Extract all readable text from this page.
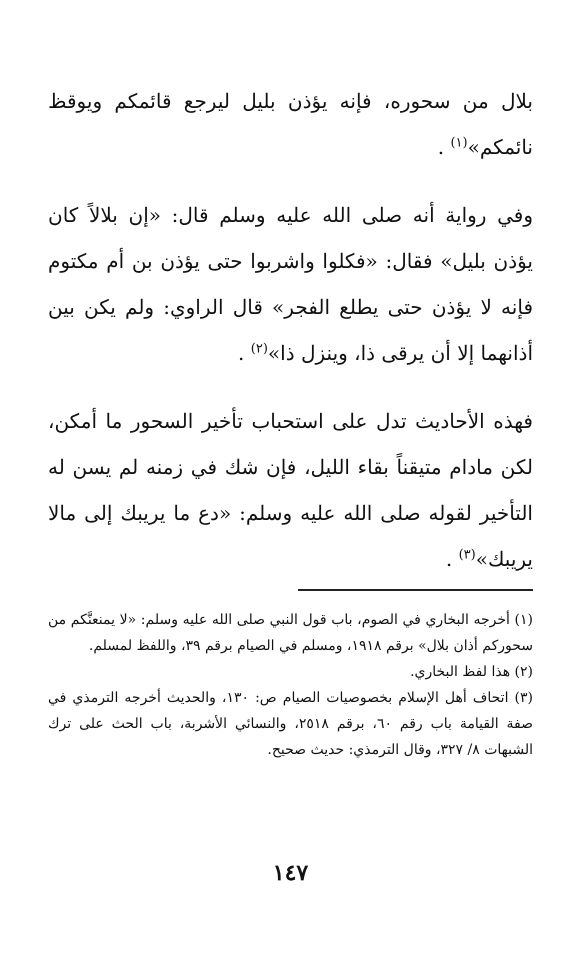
بلال من سحوره، فإنه يؤذن بليل ليرجع قائمكم ويوقظ نائمكم»$^{(١)}$ .

وفي رواية أنه صلى الله عليه وسلم قال: «إن بلالاً كان يؤذن بليل» فقال: «فكلوا واشربوا حتى يؤذن بن أم مكتوم فإنه لا يؤذن حتى يطلع الفجر» قال الراوي: ولم يكن بين أذانهما إلا أن يرقى ذا، وينزل ذا»$^{(٢)}$ .

فهذه الأحاديث تدل على استحباب تأخير السحور ما أمكن، لكن مادام متيقناً بقاء الليل، فإن شك في زمنه لم يسن له التأخير لقوله صلى الله عليه وسلم: «دع ما يريبك إلى مالا يريبك»$^{(٣)}$ .

(١) أخرجه البخاري في الصوم، باب قول النبي صلى الله عليه وسلم: «لا يمنعنَّكم من سحوركم أذان بلال» برقم ١٩١٨، ومسلم في الصيام برقم ٣٩، واللفظ لمسلم.

(٢) هذا لفظ البخاري.

(٣) اتحاف أهل الإسلام بخصوصيات الصيام ص: ١٣٠، والحديث أخرجه الترمذي في صفة القيامة باب رقم ٦٠، برقم ٢٥١٨، والنسائي الأشربة، باب الحث على ترك الشبهات ٨/ ٣٢٧، وقال الترمذي: حديث صحيح.

١٤٧
